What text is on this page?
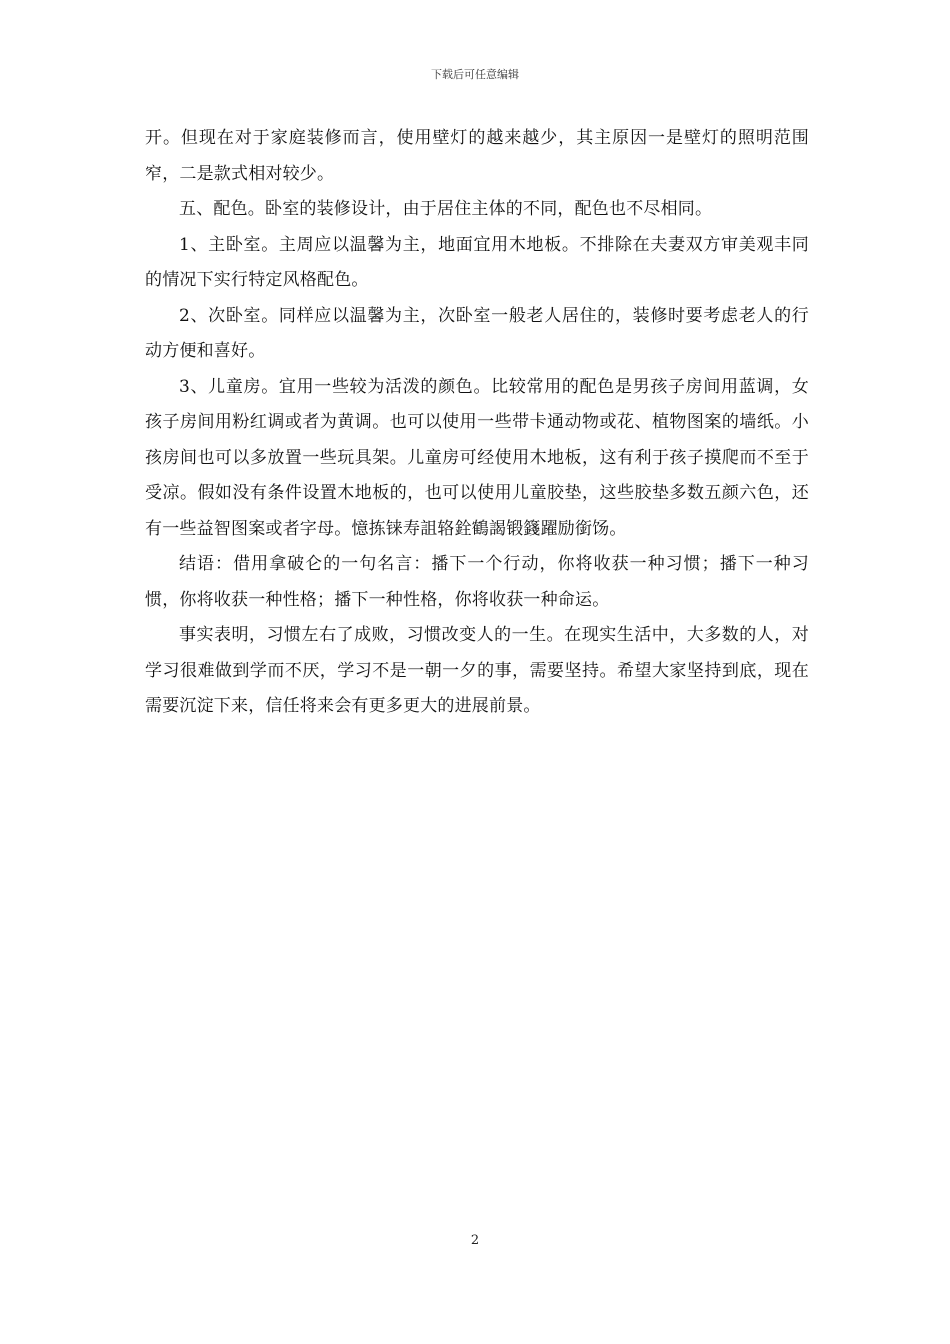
下载后可任意编辑

开。但现在对于家庭装修而言，使用壁灯的越来越少，其主原因一是壁灯的照明范围窄，二是款式相对较少。

五、配色。卧室的装修设计，由于居住主体的不同，配色也不尽相同。

1、主卧室。主周应以温馨为主，地面宜用木地板。不排除在夫妻双方审美观丰同的情况下实行特定风格配色。

2、次卧室。同样应以温馨为主，次卧室一般老人居住的，装修时要考虑老人的行动方便和喜好。

3、儿童房。宜用一些较为活泼的颜色。比较常用的配色是男孩子房间用蓝调，女孩子房间用粉红调或者为黄调。也可以使用一些带卡通动物或花、植物图案的墙纸。小孩房间也可以多放置一些玩具架。儿童房可经使用木地板，这有利于孩子摸爬而不至于受凉。假如没有条件设置木地板的，也可以使用儿童胶垫，这些胶垫多数五颜六色，还有一些益智图案或者字母。憶拣铼寿詛辂銓鶴謁锻籛躍励銜饧。

结语：借用拿破仑的一句名言：播下一个行动，你将收获一种习惯；播下一种习惯，你将收获一种性格；播下一种性格，你将收获一种命运。

事实表明，习惯左右了成败，习惯改变人的一生。在现实生活中，大多数的人，对学习很难做到学而不厌，学习不是一朝一夕的事，需要坚持。希望大家坚持到底，现在需要沉淀下来，信任将来会有更多更大的进展前景。

2
